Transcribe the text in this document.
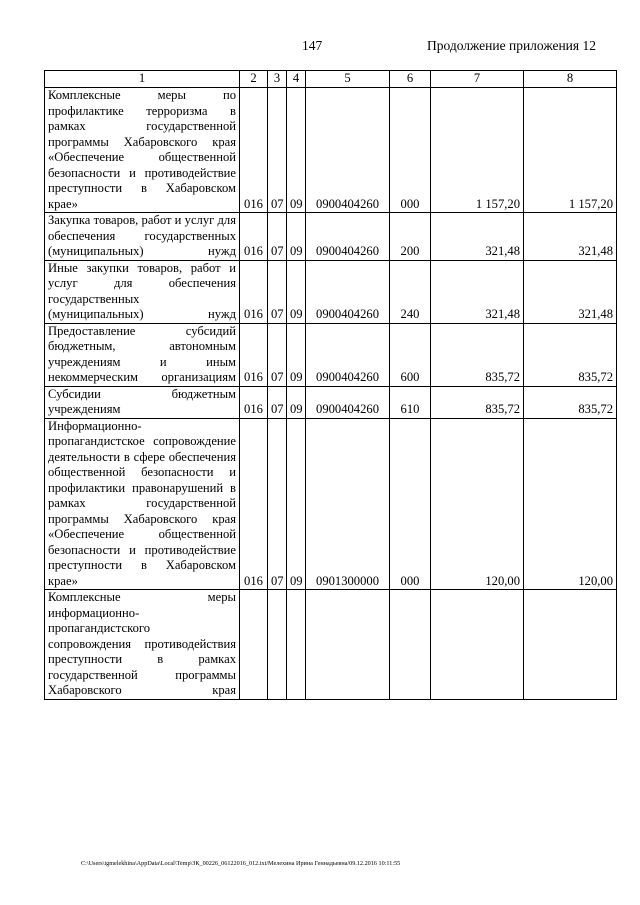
147	Продолжение приложения 12
1	2	3	4	5	6	7	8
Комплексные меры по профилактике терроризма в рамках государственной программы Хабаровского края «Обеспечение общественной безопасности и противодействие преступности в Хабаровском крае»	016	07	09	0900404260	000	1 157,20	1 157,20
Закупка товаров, работ и услуг для обеспечения государственных (муниципальных) нужд	016	07	09	0900404260	200	321,48	321,48
Иные закупки товаров, работ и услуг для обеспечения государственных (муниципальных) нужд	016	07	09	0900404260	240	321,48	321,48
Предоставление субсидий бюджетным, автономным учреждениям и иным некоммерческим организациям	016	07	09	0900404260	600	835,72	835,72
Субсидии бюджетным учреждениям	016	07	09	0900404260	610	835,72	835,72
Информационно-пропагандистское сопровождение деятельности в сфере обеспечения общественной безопасности и профилактики правонарушений в рамках государственной программы Хабаровского края «Обеспечение общественной безопасности и противодействие преступности в Хабаровском крае»	016	07	09	0901300000	000	120,00	120,00
Комплексные меры информационно-пропагандистского сопровождения противодействия преступности в рамках государственной программы Хабаровского края							
C:\Users\igmelekhina\AppData\Local\Temp\ЗК_00226_06122016_012.txt/Мелехина Ирина Геннадьевна/09.12.2016 10:11:55
